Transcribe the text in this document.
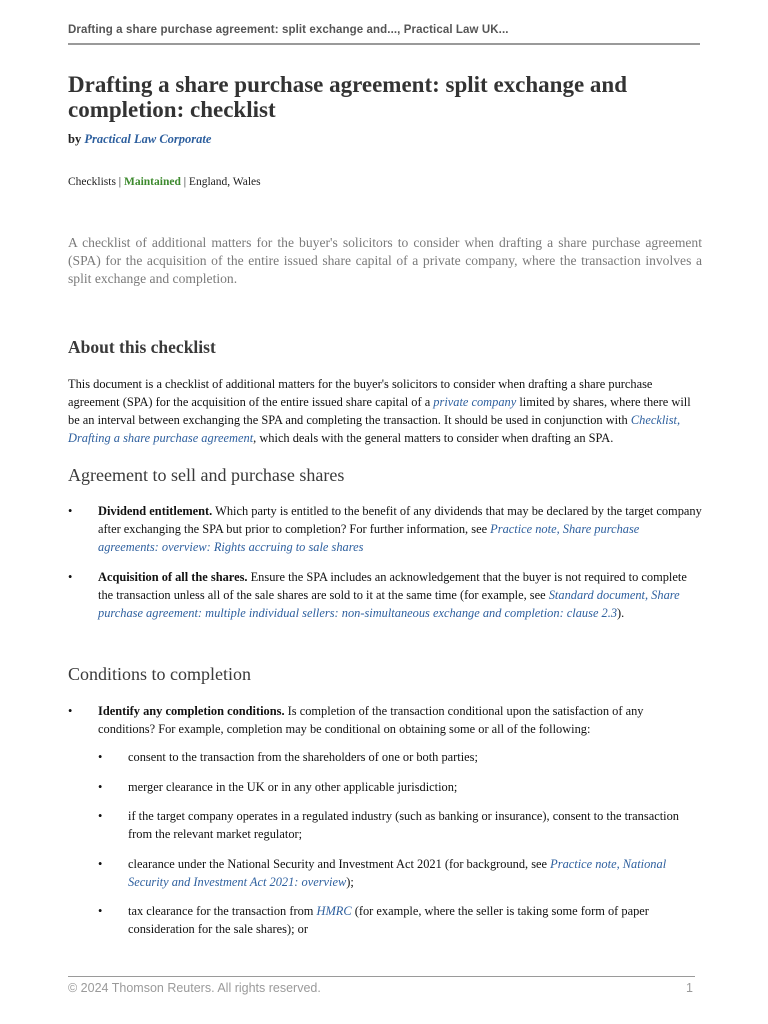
Drafting a share purchase agreement: split exchange and..., Practical Law UK...
Drafting a share purchase agreement: split exchange and completion: checklist
by Practical Law Corporate
Checklists | Maintained | England, Wales

A checklist of additional matters for the buyer's solicitors to consider when drafting a share purchase agreement (SPA) for the acquisition of the entire issued share capital of a private company, where the transaction involves a split exchange and completion.

About this checklist

This document is a checklist of additional matters for the buyer's solicitors to consider when drafting a share purchase agreement (SPA) for the acquisition of the entire issued share capital of a private company limited by shares, where there will be an interval between exchanging the SPA and completing the transaction. It should be used in conjunction with Checklist, Drafting a share purchase agreement, which deals with the general matters to consider when drafting an SPA.

Agreement to sell and purchase shares
• Dividend entitlement. Which party is entitled to the benefit of any dividends that may be declared by the target company after exchanging the SPA but prior to completion? For further information, see Practice note, Share purchase agreements: overview: Rights accruing to sale shares
• Acquisition of all the shares. Ensure the SPA includes an acknowledgement that the buyer is not required to complete the transaction unless all of the sale shares are sold to it at the same time (for example, see Standard document, Share purchase agreement: multiple individual sellers: non-simultaneous exchange and completion: clause 2.3).
Conditions to completion
• Identify any completion conditions. Is completion of the transaction conditional upon the satisfaction of any conditions? For example, completion may be conditional on obtaining some or all of the following:
• consent to the transaction from the shareholders of one or both parties;
• merger clearance in the UK or in any other applicable jurisdiction;
• if the target company operates in a regulated industry (such as banking or insurance), consent to the transaction from the relevant market regulator;
• clearance under the National Security and Investment Act 2021 (for background, see Practice note, National Security and Investment Act 2021: overview);
• tax clearance for the transaction from HMRC (for example, where the seller is taking some form of paper consideration for the sale shares); or
© 2024 Thomson Reuters. All rights reserved.	1
